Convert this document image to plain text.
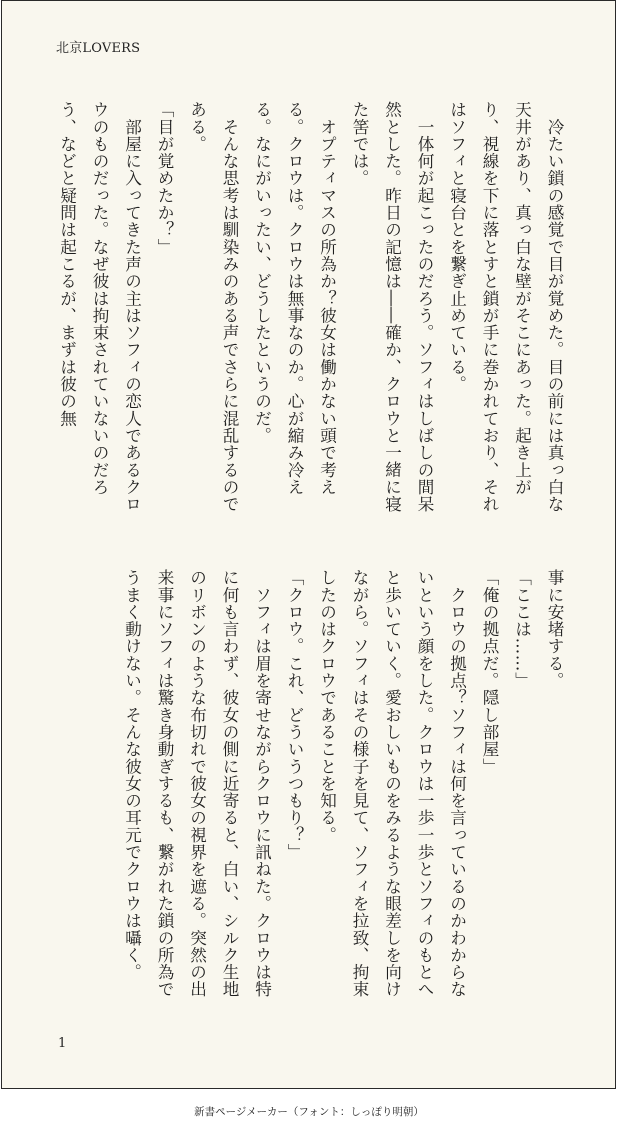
北京LOVERS

　冷たい鎖の感覚で目が覚めた。目の前には真っ白な天井があり、真っ白な壁がそこにあった。起き上がり、視線を下に落とすと鎖が手に巻かれており、それはソフィと寝台とを繋ぎ止めている。

　一体何が起こったのだろう。ソフィはしばしの間呆然とした。昨日の記憶は――確か、クロウと一緒に寝た筈では。

　オプティマスの所為か？彼女は働かない頭で考える。クロウは。クロウは無事なのか。心が縮み冷える。なにがいったい、どうしたというのだ。

　そんな思考は馴染みのある声でさらに混乱するのである。

「目が覚めたか？」

　部屋に入ってきた声の主はソフィの恋人であるクロウのものだった。なぜ彼は拘束されていないのだろう、などと疑問は起こるが、まずは彼の無

事に安堵する。

「ここは……」

「俺の拠点だ。隠し部屋」

　クロウの拠点？ソフィは何を言っているのかわからないという顔をした。クロウは一歩一歩とソフィのもとへと歩いていく。愛おしいものをみるような眼差しを向けながら。ソフィはその様子を見て、ソフィを拉致、拘束したのはクロウであることを知る。

「クロウ。これ、どういうつもり？」

　ソフィは眉を寄せながらクロウに訊ねた。クロウは特に何も言わず、彼女の側に近寄ると、白い、シルク生地のリボンのような布切れで彼女の視界を遮る。突然の出来事にソフィは驚き身動ぎするも、繋がれた鎖の所為でうまく動けない。そんな彼女の耳元でクロウは囁く。

1
新書ページメーカー（フォント：しっぽり明朝）
